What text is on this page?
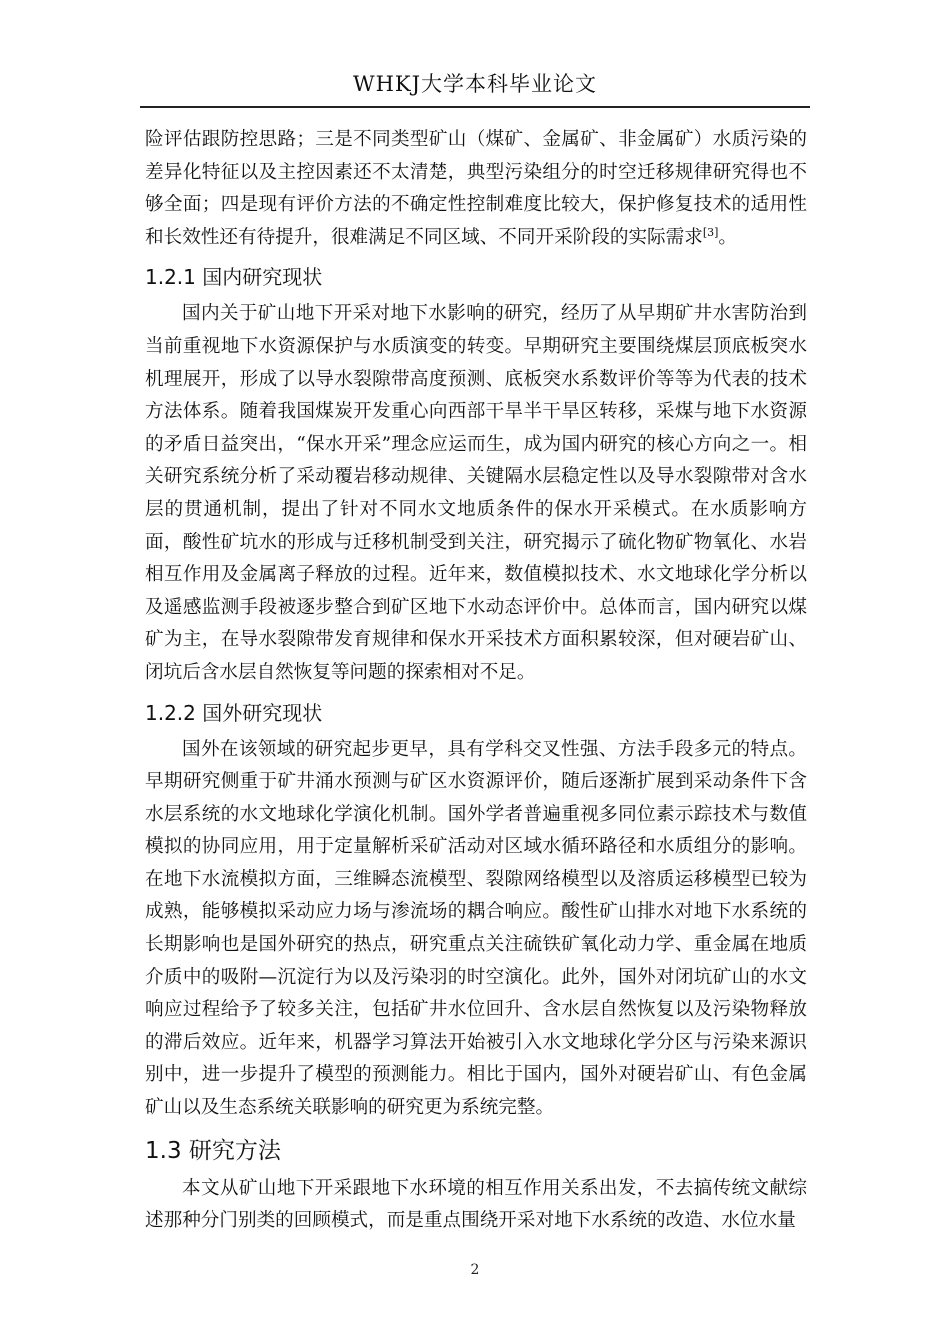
WHKJ大学本科毕业论文

险评估跟防控思路；三是不同类型矿山（煤矿、金属矿、非金属矿）水质污染的差异化特征以及主控因素还不太清楚，典型污染组分的时空迁移规律研究得也不够全面；四是现有评价方法的不确定性控制难度比较大，保护修复技术的适用性和长效性还有待提升，很难满足不同区域、不同开采阶段的实际需求[3]。

1.2.1 国内研究现状

国内关于矿山地下开采对地下水影响的研究，经历了从早期矿井水害防治到当前重视地下水资源保护与水质演变的转变。早期研究主要围绕煤层顶底板突水机理展开，形成了以导水裂隙带高度预测、底板突水系数评价等等为代表的技术方法体系。随着我国煤炭开发重心向西部干旱半干旱区转移，采煤与地下水资源的矛盾日益突出，“保水开采”理念应运而生，成为国内研究的核心方向之一。相关研究系统分析了采动覆岩移动规律、关键隔水层稳定性以及导水裂隙带对含水层的贯通机制，提出了针对不同水文地质条件的保水开采模式。在水质影响方面，酸性矿坑水的形成与迁移机制受到关注，研究揭示了硫化物矿物氧化、水岩相互作用及金属离子释放的过程。近年来，数值模拟技术、水文地球化学分析以及遥感监测手段被逐步整合到矿区地下水动态评价中。总体而言，国内研究以煤矿为主，在导水裂隙带发育规律和保水开采技术方面积累较深，但对硬岩矿山、闭坑后含水层自然恢复等问题的探索相对不足。

1.2.2 国外研究现状

国外在该领域的研究起步更早，具有学科交叉性强、方法手段多元的特点。早期研究侧重于矿井涌水预测与矿区水资源评价，随后逐渐扩展到采动条件下含水层系统的水文地球化学演化机制。国外学者普遍重视多同位素示踪技术与数值模拟的协同应用，用于定量解析采矿活动对区域水循环路径和水质组分的影响。在地下水流模拟方面，三维瞬态流模型、裂隙网络模型以及溶质运移模型已较为成熟，能够模拟采动应力场与渗流场的耦合响应。酸性矿山排水对地下水系统的长期影响也是国外研究的热点，研究重点关注硫铁矿氧化动力学、重金属在地质介质中的吸附—沉淀行为以及污染羽的时空演化。此外，国外对闭坑矿山的水文响应过程给予了较多关注，包括矿井水位回升、含水层自然恢复以及污染物释放的滞后效应。近年来，机器学习算法开始被引入水文地球化学分区与污染来源识别中，进一步提升了模型的预测能力。相比于国内，国外对硬岩矿山、有色金属矿山以及生态系统关联影响的研究更为系统完整。

1.3 研究方法

本文从矿山地下开采跟地下水环境的相互作用关系出发，不去搞传统文献综述那种分门别类的回顾模式，而是重点围绕开采对地下水系统的改造、水位水量

2
